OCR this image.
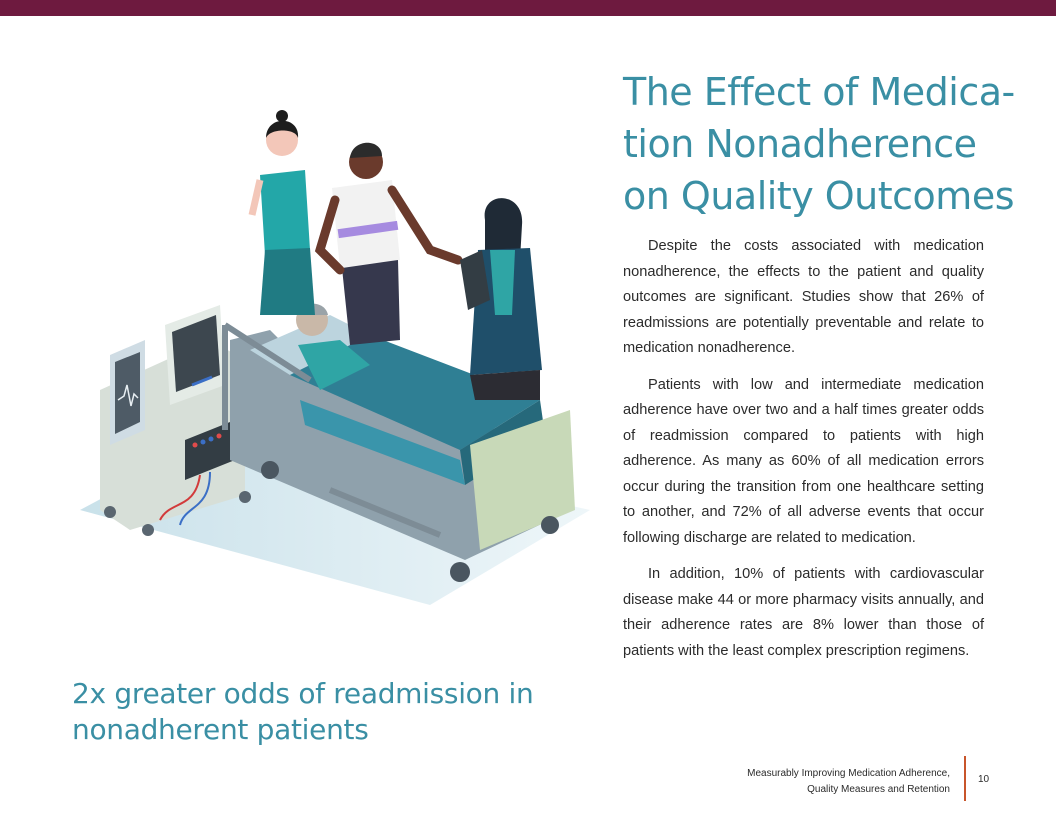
The Effect of Medica-
tion Nonadherence
on Quality Outcomes

Despite the costs associated with medication nonadherence, the effects to the patient and quality outcomes are significant. Studies show that 26% of readmissions are potentially preventable and relate to medication nonadherence.

Patients with low and intermediate medication adherence have over two and a half times greater odds of readmission compared to patients with high adherence. As many as 60% of all medication errors occur during the transition from one healthcare setting to another, and 72% of all adverse events that occur following discharge are related to medication.

In addition, 10% of patients with cardiovascular disease make 44 or more pharmacy visits annually, and their adherence rates are 8% lower than those of patients with the least complex prescription regimens.

2x greater odds of readmission in
nonadherent patients
Measurably Improving Medication Adherence,
Quality Measures and Retention
10
